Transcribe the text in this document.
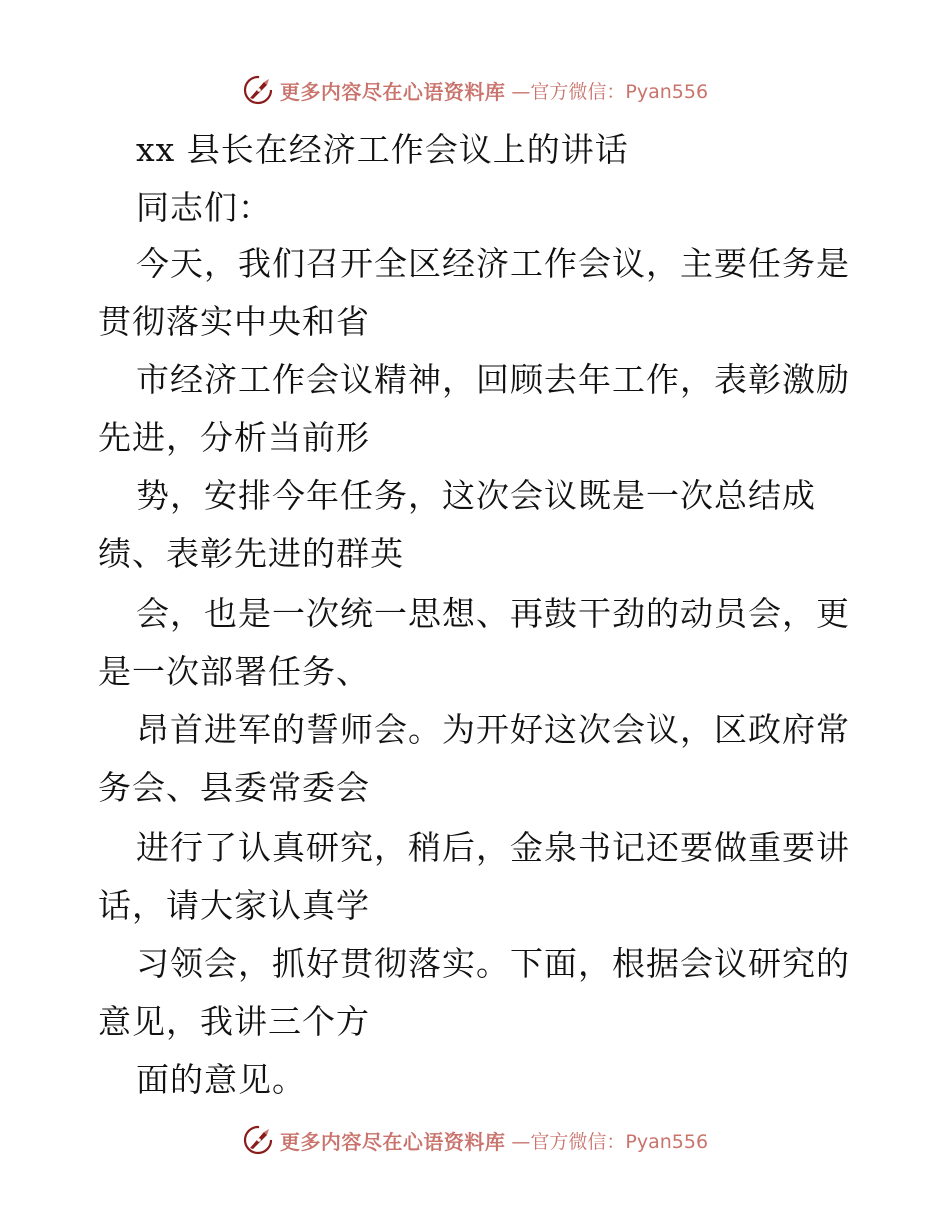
更多内容尽在心语资料库 —官方微信：Pyan556
xx 县长在经济工作会议上的讲话
同志们：
今天，我们召开全区经济工作会议，主要任务是
贯彻落实中央和省
市经济工作会议精神，回顾去年工作，表彰激励
先进，分析当前形
势，安排今年任务，这次会议既是一次总结成
绩、表彰先进的群英
会，也是一次统一思想、再鼓干劲的动员会，更
是一次部署任务、
昂首进军的誓师会。为开好这次会议，区政府常
务会、县委常委会
进行了认真研究，稍后，金泉书记还要做重要讲
话，请大家认真学
习领会，抓好贯彻落实。下面，根据会议研究的
意见，我讲三个方
面的意见。
更多内容尽在心语资料库 —官方微信：Pyan556
